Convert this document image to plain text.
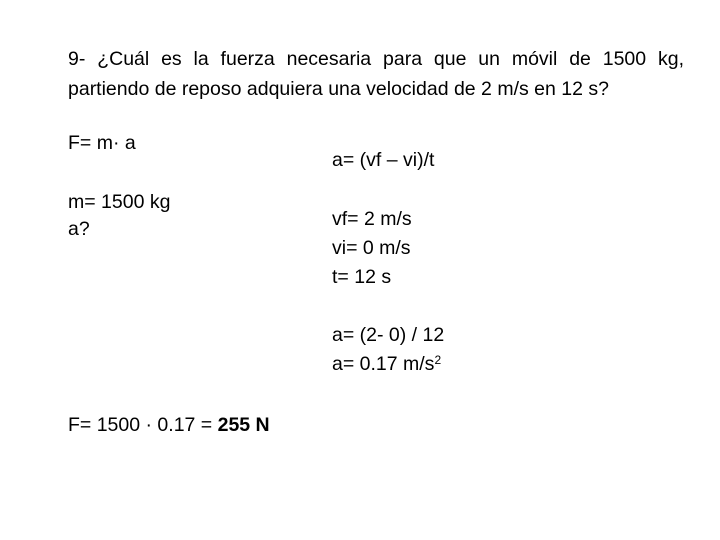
9- ¿Cuál es la fuerza necesaria para que un móvil de 1500 kg,
partiendo de reposo adquiera una velocidad de 2 m/s en 12 s?
F= m· a
m= 1500 kg
a?
a= (vf – vi)/t
vf= 2 m/s
vi= 0 m/s
t= 12 s
a= (2- 0) / 12
a= 0.17 $m/s^2$
F= 1500 · 0.17 = 255 N
